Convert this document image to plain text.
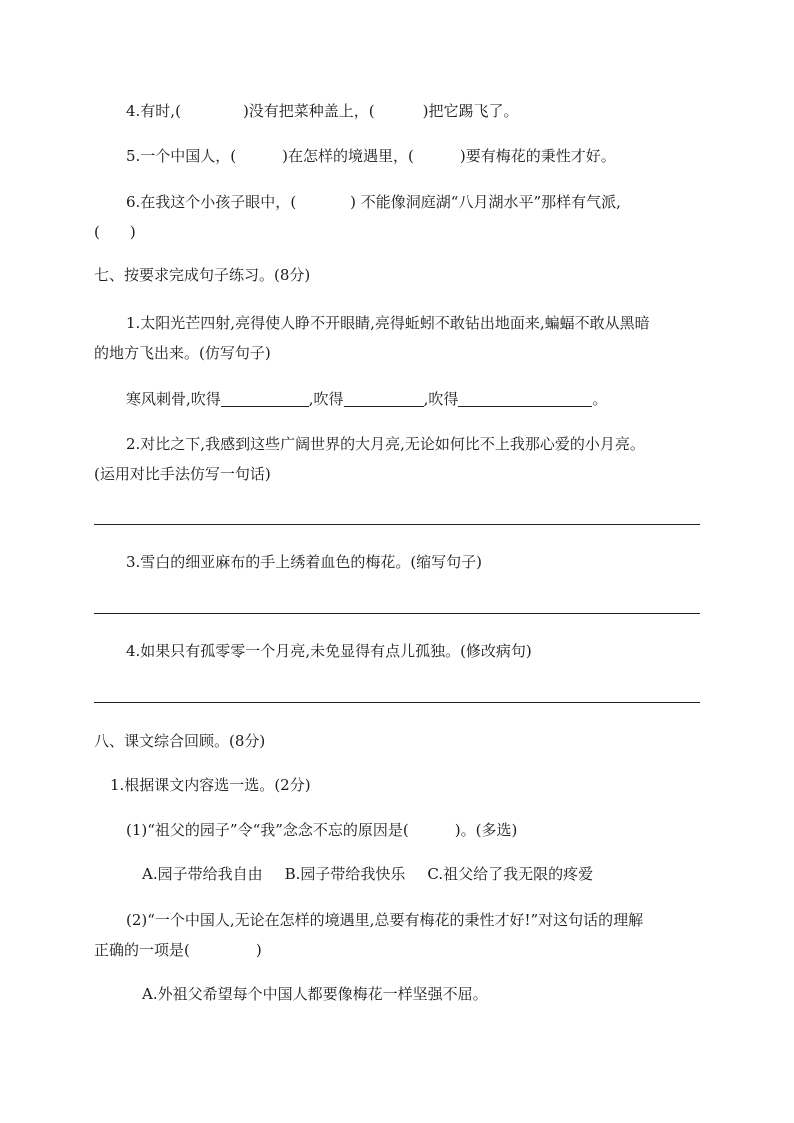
4.有时,(	)没有把菜种盖上，(	)把它踢飞了。
5.一个中国人，(	)在怎样的境遇里，(	)要有梅花的秉性才好。
6.在我这个小孩子眼中，(	) 不能像洞庭湖“八月湖水平”那样有气派,
( )
七、按要求完成句子练习。(8分)
1.太阳光芒四射,亮得使人睁不开眼睛,亮得蚯蚓不敢钻出地面来,蝙蝠不敢从黑暗
的地方飞出来。(仿写句子)
寒风刺骨,吹得	,吹得	,吹得	。
2.对比之下,我感到这些广阔世界的大月亮,无论如何比不上我那心爱的小月亮。
(运用对比手法仿写一句话)
3.雪白的细亚麻布的手上绣着血色的梅花。(缩写句子)
4.如果只有孤零零一个月亮,未免显得有点儿孤独。(修改病句)
八、课文综合回顾。(8分)
1.根据课文内容选一选。(2分)
(1)“祖父的园子”令“我”念念不忘的原因是(	)。(多选)
A.园子带给我自由 B.园子带给我快乐 C.祖父给了我无限的疼爱
(2)“一个中国人,无论在怎样的境遇里,总要有梅花的秉性才好!”对这句话的理解
正确的一项是(	)
A.外祖父希望每个中国人都要像梅花一样坚强不屈。
